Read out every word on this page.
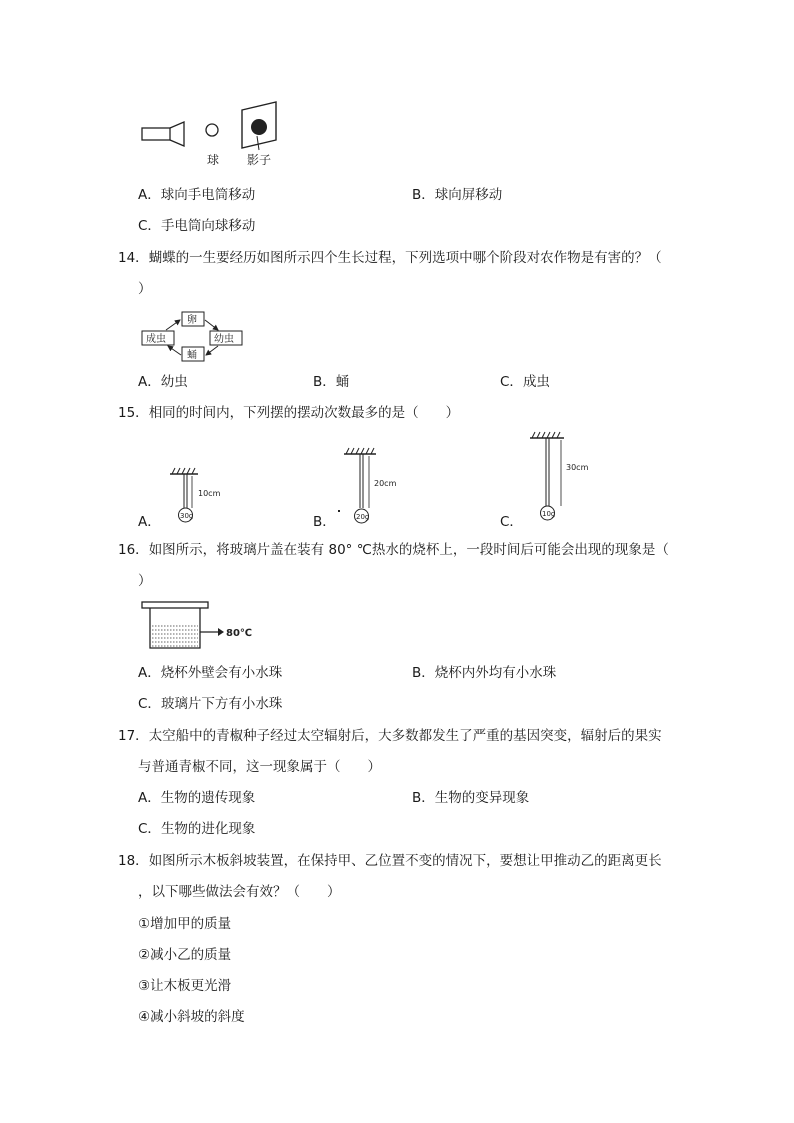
球 影子
A．球向手电筒移动	B．球向屏移动
C．手电筒向球移动
14．蝴蝶的一生要经历如图所示四个生长过程，下列选项中哪个阶段对农作物是有害的？（
）
卵
幼虫
蛹
成虫
A．幼虫	B．蛹	C．成虫
15．相同的时间内，下列摆的摆动次数最多的是（　　）
A．	30g
10cm
B．	20g
20cm
C．	10g
30cm
16．如图所示，将玻璃片盖在装有 80° ℃热水的烧杯上，一段时间后可能会出现的现象是（
）
80℃
A．烧杯外壁会有小水珠	B．烧杯内外均有小水珠
C．玻璃片下方有小水珠
17．太空船中的青椒种子经过太空辐射后，大多数都发生了严重的基因突变，辐射后的果实
与普通青椒不同，这一现象属于（　　）
A．生物的遗传现象	B．生物的变异现象
C．生物的进化现象
18．如图所示木板斜坡装置，在保持甲、乙位置不变的情况下，要想让甲推动乙的距离更长
，以下哪些做法会有效？（　　）
①增加甲的质量
②减小乙的质量
③让木板更光滑
④减小斜坡的斜度
